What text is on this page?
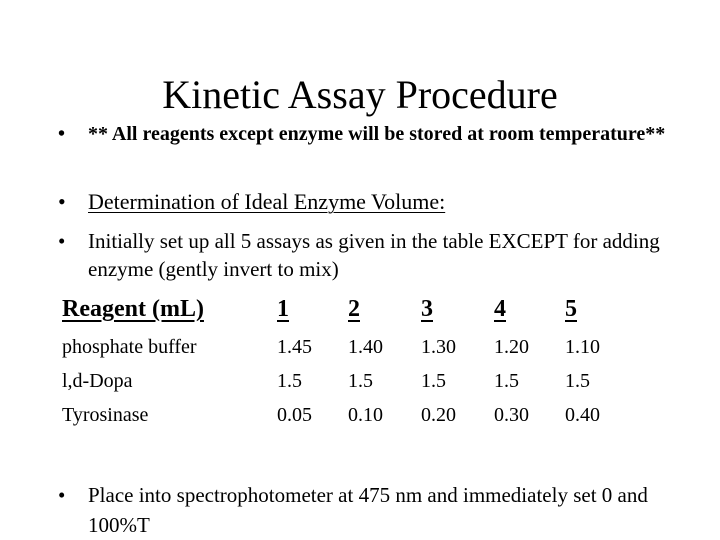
Kinetic Assay Procedure
•	** All reagents except enzyme will be stored at room temperature**
•	Determination of Ideal Enzyme Volume:
•	Initially set up all 5 assays as given in the table EXCEPT for adding enzyme (gently invert to mix)
Reagent (mL)	1	2	3	4	5
phosphate buffer	1.45 1.40 1.30 1.20 1.10
l,d-Dopa	1.5 1.5 1.5 1.5 1.5
Tyrosinase	0.05 0.10 0.20 0.30 0.40
•	Place into spectrophotometer at 475 nm and immediately set 0 and 100%T
